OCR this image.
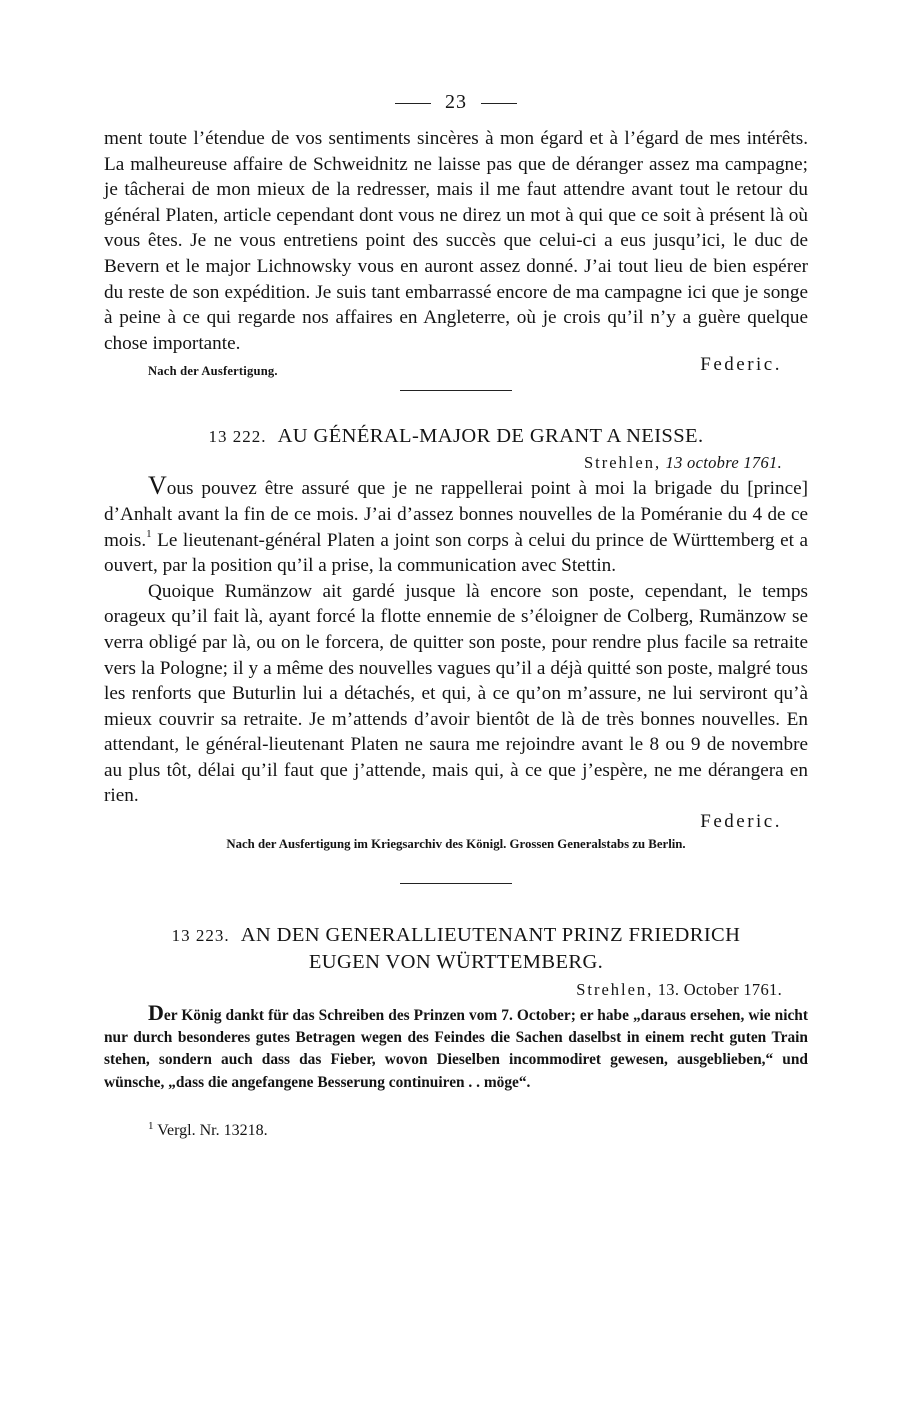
23

ment toute l’étendue de vos sentiments sincères à mon égard et à l’égard de mes intérêts. La malheureuse affaire de Schweidnitz ne laisse pas que de déranger assez ma campagne; je tâcherai de mon mieux de la redresser, mais il me faut attendre avant tout le retour du général Platen, article cependant dont vous ne direz un mot à qui que ce soit à présent là où vous êtes. Je ne vous entretiens point des succès que celui-ci a eus jusqu’ici, le duc de Bevern et le major Lichnowsky vous en auront assez donné. J’ai tout lieu de bien espérer du reste de son expédition. Je suis tant embarrassé encore de ma campagne ici que je songe à peine à ce qui regarde nos affaires en Angleterre, où je crois qu’il n’y a guère quelque chose importante.

Nach der Ausfertigung.	Federic.
13 222. AU GÉNÉRAL-MAJOR DE GRANT A NEISSE.
Strehlen, 13 octobre 1761.

Vous pouvez être assuré que je ne rappellerai point à moi la brigade du [prince] d’Anhalt avant la fin de ce mois. J’ai d’assez bonnes nouvelles de la Poméranie du 4 de ce mois.$^1$ Le lieutenant-général Platen a joint son corps à celui du prince de Württemberg et a ouvert, par la position qu’il a prise, la communication avec Stettin.

Quoique Rumänzow ait gardé jusque là encore son poste, cependant, le temps orageux qu’il fait là, ayant forcé la flotte ennemie de s’éloigner de Colberg, Rumänzow se verra obligé par là, ou on le forcera, de quitter son poste, pour rendre plus facile sa retraite vers la Pologne; il y a même des nouvelles vagues qu’il a déjà quitté son poste, malgré tous les renforts que Buturlin lui a détachés, et qui, à ce qu’on m’assure, ne lui serviront qu’à mieux couvrir sa retraite. Je m’attends d’avoir bientôt de là de très bonnes nouvelles. En attendant, le général-lieutenant Platen ne saura me rejoindre avant le 8 ou 9 de novembre au plus tôt, délai qu’il faut que j’attende, mais qui, à ce que j’espère, ne me dérangera en rien.

Federic.
Nach der Ausfertigung im Kriegsarchiv des Königl. Grossen Generalstabs zu Berlin.
13 223. AN DEN GENERALLIEUTENANT PRINZ FRIEDRICH
EUGEN VON WÜRTTEMBERG.
Strehlen, 13. October 1761.

Der König dankt für das Schreiben des Prinzen vom 7. October; er habe „daraus ersehen, wie nicht nur durch besonderes gutes Betragen wegen des Feindes die Sachen daselbst in einem recht guten Train stehen, sondern auch dass das Fieber, wovon Dieselben incommodiret gewesen, ausgeblieben,“ und wünsche, „dass die angefangene Besserung continuiren . . möge“.

$^1$ Vergl. Nr. 13218.
